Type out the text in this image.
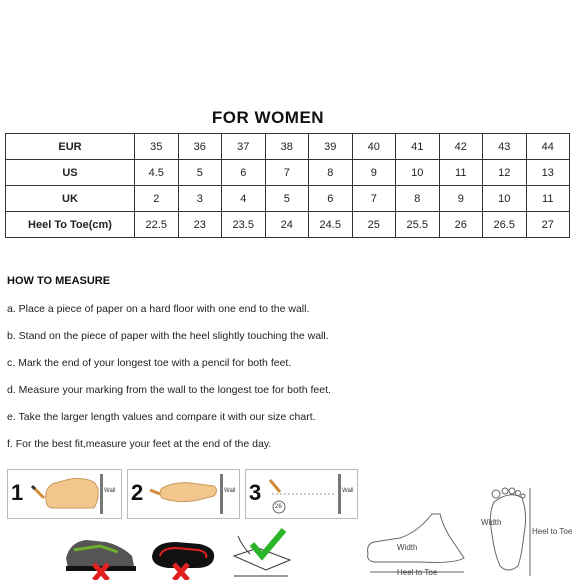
FOR WOMEN
EUR	35	36	37	38	39	40	41	42	43	44
US	4.5	5	6	7	8	9	10	11	12	13
UK	2	3	4	5	6	7	8	9	10	11
Heel To Toe(cm)	22.5	23	23.5	24	24.5	25	25.5	26	26.5	27
HOW TO MEASURE
a. Place a piece of paper on a hard floor with one end to the wall.
b. Stand on the piece of paper with the heel slightly touching the wall.
c. Mark the end of your longest toe with a pencil for both feet.
d. Measure your marking from the wall to the longest toe for both feet.
e. Take the larger length values and compare it with our size chart.
f. For the best fit,measure your feet at the end of the day.
1	Wall 2	Wall 3	Wall
26
Width
Heel to Toe
Width
Heel to Toe
